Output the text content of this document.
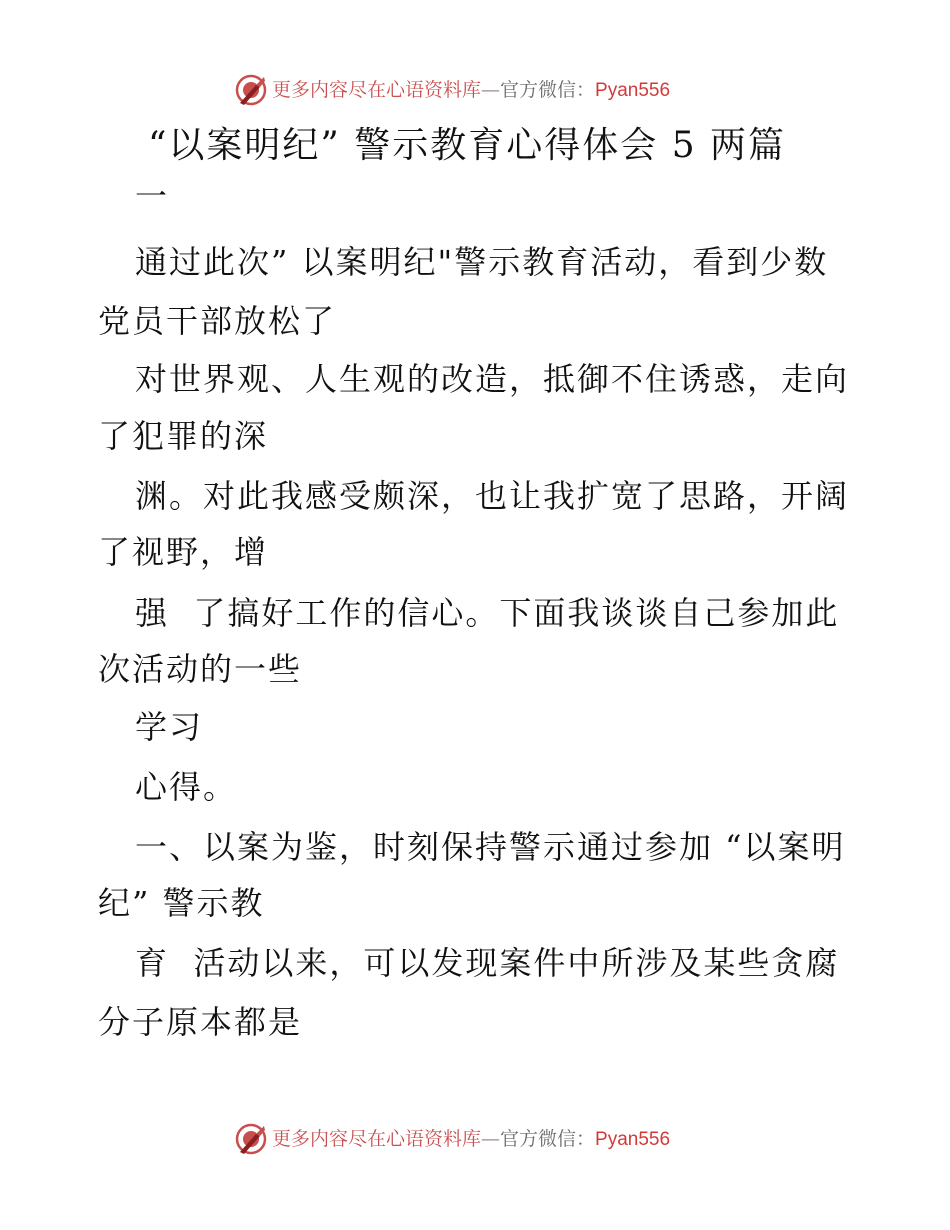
更多内容尽在心语资料库—官方微信：Pyan556
“以案明纪” 警示教育心得体会 5 两篇
一
通过此次” 以案明纪"警示教育活动，看到少数
党员干部放松了
对世界观、人生观的改造，抵御不住诱惑，走向
了犯罪的深
渊。对此我感受颇深，也让我扩宽了思路，开阔
了视野，增
强  了搞好工作的信心。下面我谈谈自己参加此
次活动的一些
学习
心得。
一、以案为鉴，时刻保持警示通过参加 “以案明
纪” 警示教
育  活动以来，可以发现案件中所涉及某些贪腐
分子原本都是
更多内容尽在心语资料库—官方微信：Pyan556
